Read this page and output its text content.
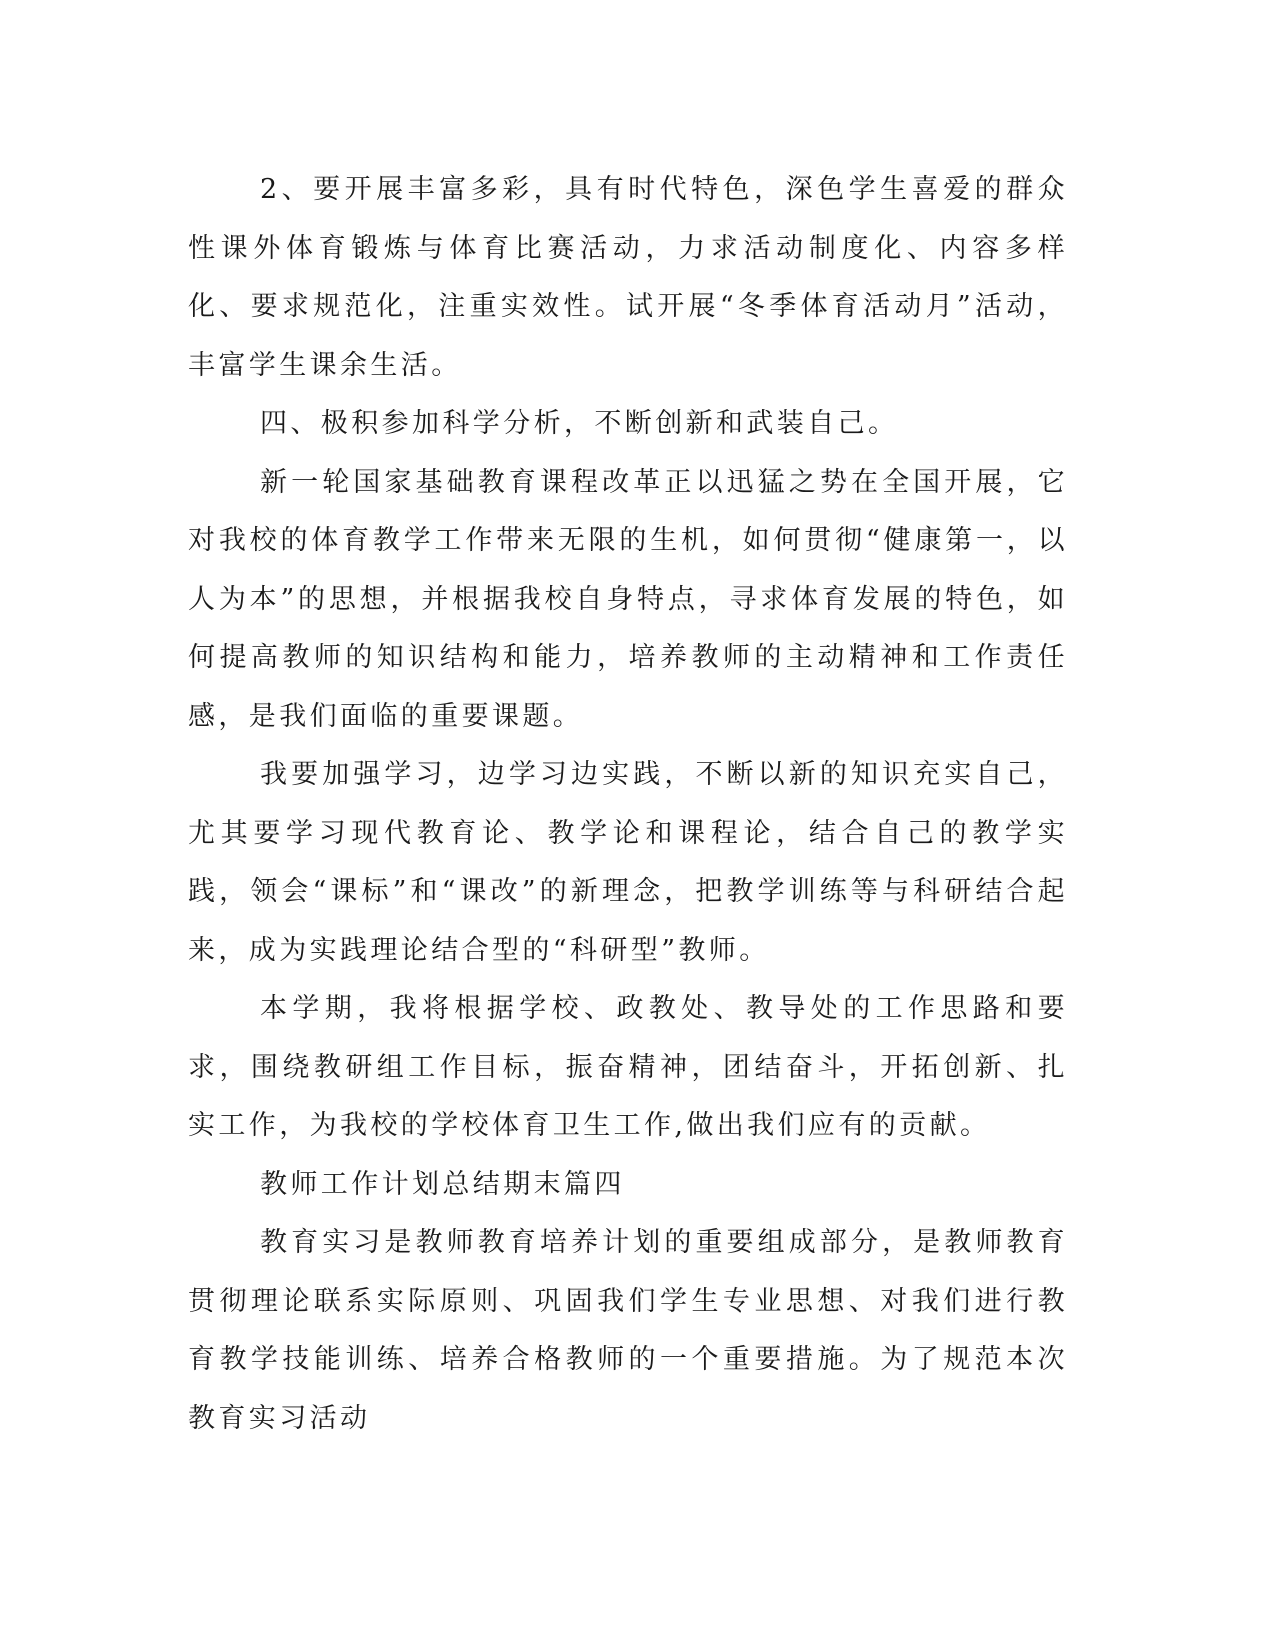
2、要开展丰富多彩，具有时代特色，深色学生喜爱的群众性课外体育锻炼与体育比赛活动，力求活动制度化、内容多样化、要求规范化，注重实效性。试开展“冬季体育活动月”活动，丰富学生课余生活。

四、极积参加科学分析，不断创新和武装自己。

新一轮国家基础教育课程改革正以迅猛之势在全国开展，它对我校的体育教学工作带来无限的生机，如何贯彻“健康第一，以人为本”的思想，并根据我校自身特点，寻求体育发展的特色，如何提高教师的知识结构和能力，培养教师的主动精神和工作责任感，是我们面临的重要课题。

我要加强学习，边学习边实践，不断以新的知识充实自己，尤其要学习现代教育论、教学论和课程论，结合自己的教学实践，领会“课标”和“课改”的新理念，把教学训练等与科研结合起来，成为实践理论结合型的“科研型”教师。

本学期，我将根据学校、政教处、教导处的工作思路和要求，围绕教研组工作目标，振奋精神，团结奋斗，开拓创新、扎实工作，为我校的学校体育卫生工作,做出我们应有的贡献。

教师工作计划总结期末篇四

教育实习是教师教育培养计划的重要组成部分，是教师教育贯彻理论联系实际原则、巩固我们学生专业思想、对我们进行教育教学技能训练、培养合格教师的一个重要措施。为了规范本次教育实习活动
